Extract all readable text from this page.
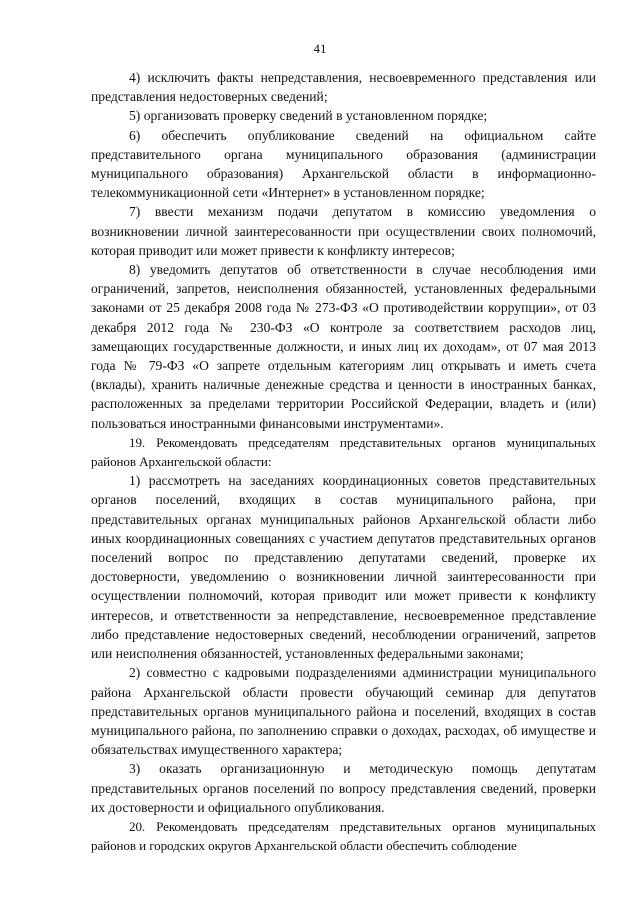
41

4) исключить факты непредставления, несвоевременного представления или представления недостоверных сведений;

5) организовать проверку сведений в установленном порядке;

6) обеспечить опубликование сведений на официальном сайте представительного органа муниципального образования (администрации муниципального образования) Архангельской области в информационно-телекоммуникационной сети «Интернет» в установленном порядке;

7) ввести механизм подачи депутатом в комиссию уведомления о возникновении личной заинтересованности при осуществлении своих полномочий, которая приводит или может привести к конфликту интересов;

8) уведомить депутатов об ответственности в случае несоблюдения ими ограничений, запретов, неисполнения обязанностей, установленных федеральными законами от 25 декабря 2008 года № 273-ФЗ «О противодействии коррупции», от 03 декабря 2012 года № 230-ФЗ «О контроле за соответствием расходов лиц, замещающих государственные должности, и иных лиц их доходам», от 07 мая 2013 года № 79-ФЗ «О запрете отдельным категориям лиц открывать и иметь счета (вклады), хранить наличные денежные средства и ценности в иностранных банках, расположенных за пределами территории Российской Федерации, владеть и (или) пользоваться иностранными финансовыми инструментами».

19. Рекомендовать председателям представительных органов муниципальных районов Архангельской области:

1) рассмотреть на заседаниях координационных советов представительных органов поселений, входящих в состав муниципального района, при представительных органах муниципальных районов Архангельской области либо иных координационных совещаниях с участием депутатов представительных органов поселений вопрос по представлению депутатами сведений, проверке их достоверности, уведомлению о возникновении личной заинтересованности при осуществлении полномочий, которая приводит или может привести к конфликту интересов, и ответственности за непредставление, несвоевременное представление либо представление недостоверных сведений, несоблюдении ограничений, запретов или неисполнения обязанностей, установленных федеральными законами;

2) совместно с кадровыми подразделениями администрации муниципального района Архангельской области провести обучающий семинар для депутатов представительных органов муниципального района и поселений, входящих в состав муниципального района, по заполнению справки о доходах, расходах, об имуществе и обязательствах имущественного характера;

3) оказать организационную и методическую помощь депутатам представительных органов поселений по вопросу представления сведений, проверки их достоверности и официального опубликования.

20. Рекомендовать председателям представительных органов муниципальных районов и городских округов Архангельской области обеспечить соблюдение
